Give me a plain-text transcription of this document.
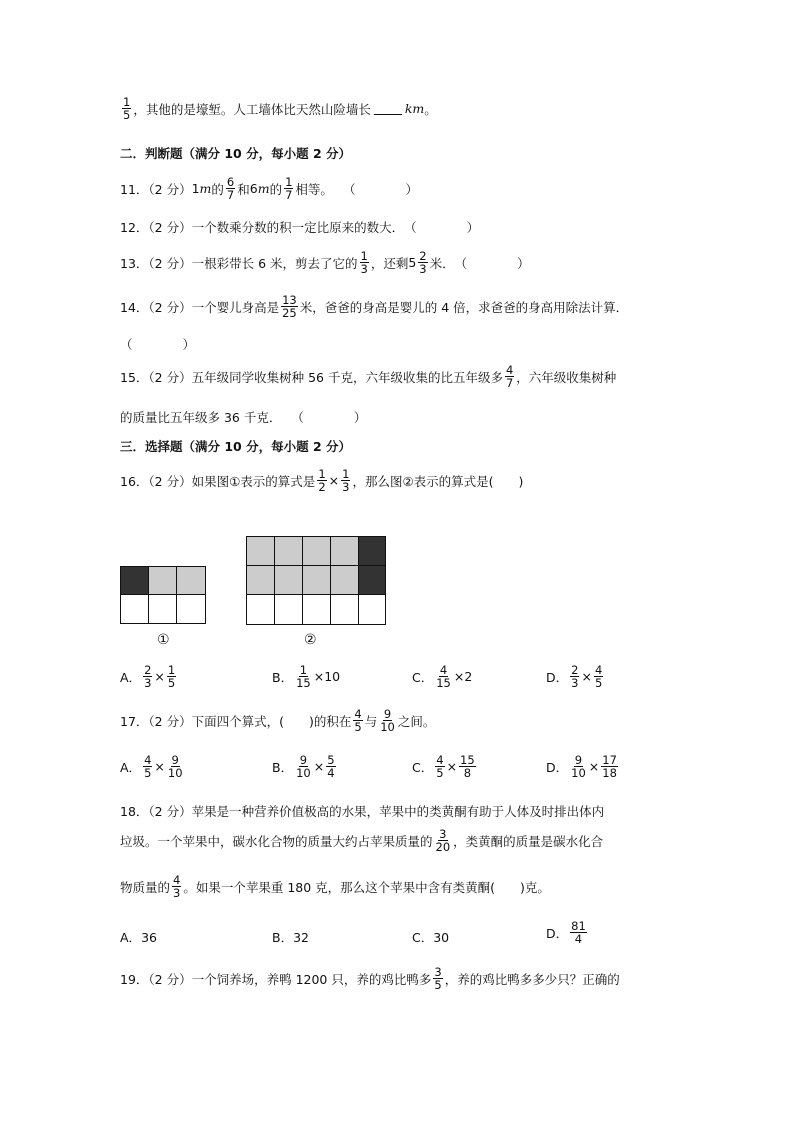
$\frac{1}{5}$ ，其他的是壕堑。人工墙体比天然山险墙长	km 。
二．判断题（满分 10 分，每小题 2 分）
11．（2 分） 1 m 的 $\frac{6}{7}$ 和 6 m 的 $\frac{1}{7}$ 相等。 （　　　　）
12．（2 分） 一个数乘分数的积一定比原来的数大． （　　　　）
13．（2 分） 一根彩带长 6 米，剪去了它的 $\frac{1}{3}$ ，还剩 $5 \frac{2}{3}$ 米． （　　　　）
14．（2 分） 一个婴儿身高是 $\frac{13}{25}$ 米，爸爸的身高是婴儿的 4 倍，求爸爸的身高用除法计算．
（　　　　）
15．（2 分） 五年级同学收集树种 56 千克，六年级收集的比五年级多 $\frac{4}{7}$ ，六年级收集树种
的质量比五年级多 36 千克． （　　　　）
三．选择题（满分 10 分，每小题 2 分）
16．（2 分） 如果图①表示的算式是 $\frac{1}{2} \times \frac{1}{3}$ ，那么图②表示的算式是(　　)
①	②
A． $\frac{2}{3} \times \frac{1}{5}$	B． $\frac{1}{15} \times 10$	C． $\frac{4}{15} \times 2$	D． $\frac{2}{3} \times \frac{4}{5}$
17．（2 分） 下面四个算式，(　　)的积在 $\frac{4}{5}$ 与 $\frac{9}{10}$ 之间。
A． $\frac{4}{5} \times \frac{9}{10}$	B． $\frac{9}{10} \times \frac{5}{4}$	C． $\frac{4}{5} \times \frac{15}{8}$	D． $\frac{9}{10} \times \frac{17}{18}$
18．（2 分） 苹果是一种营养价值极高的水果，苹果中的类黄酮有助于人体及时排出体内
垃圾。一个苹果中，碳水化合物的质量大约占苹果质量的 $\frac{3}{20}$ ，类黄酮的质量是碳水化合
物质量的 $\frac{4}{3}$ 。如果一个苹果重 180 克，那么这个苹果中含有类黄酮(　　)克。
A． 36	B． 32	C． 30	D． $\frac{81}{4}$
19．（2 分） 一个饲养场，养鸭 1200 只，养的鸡比鸭多 $\frac{3}{5}$ ，养的鸡比鸭多多少只？正确的
